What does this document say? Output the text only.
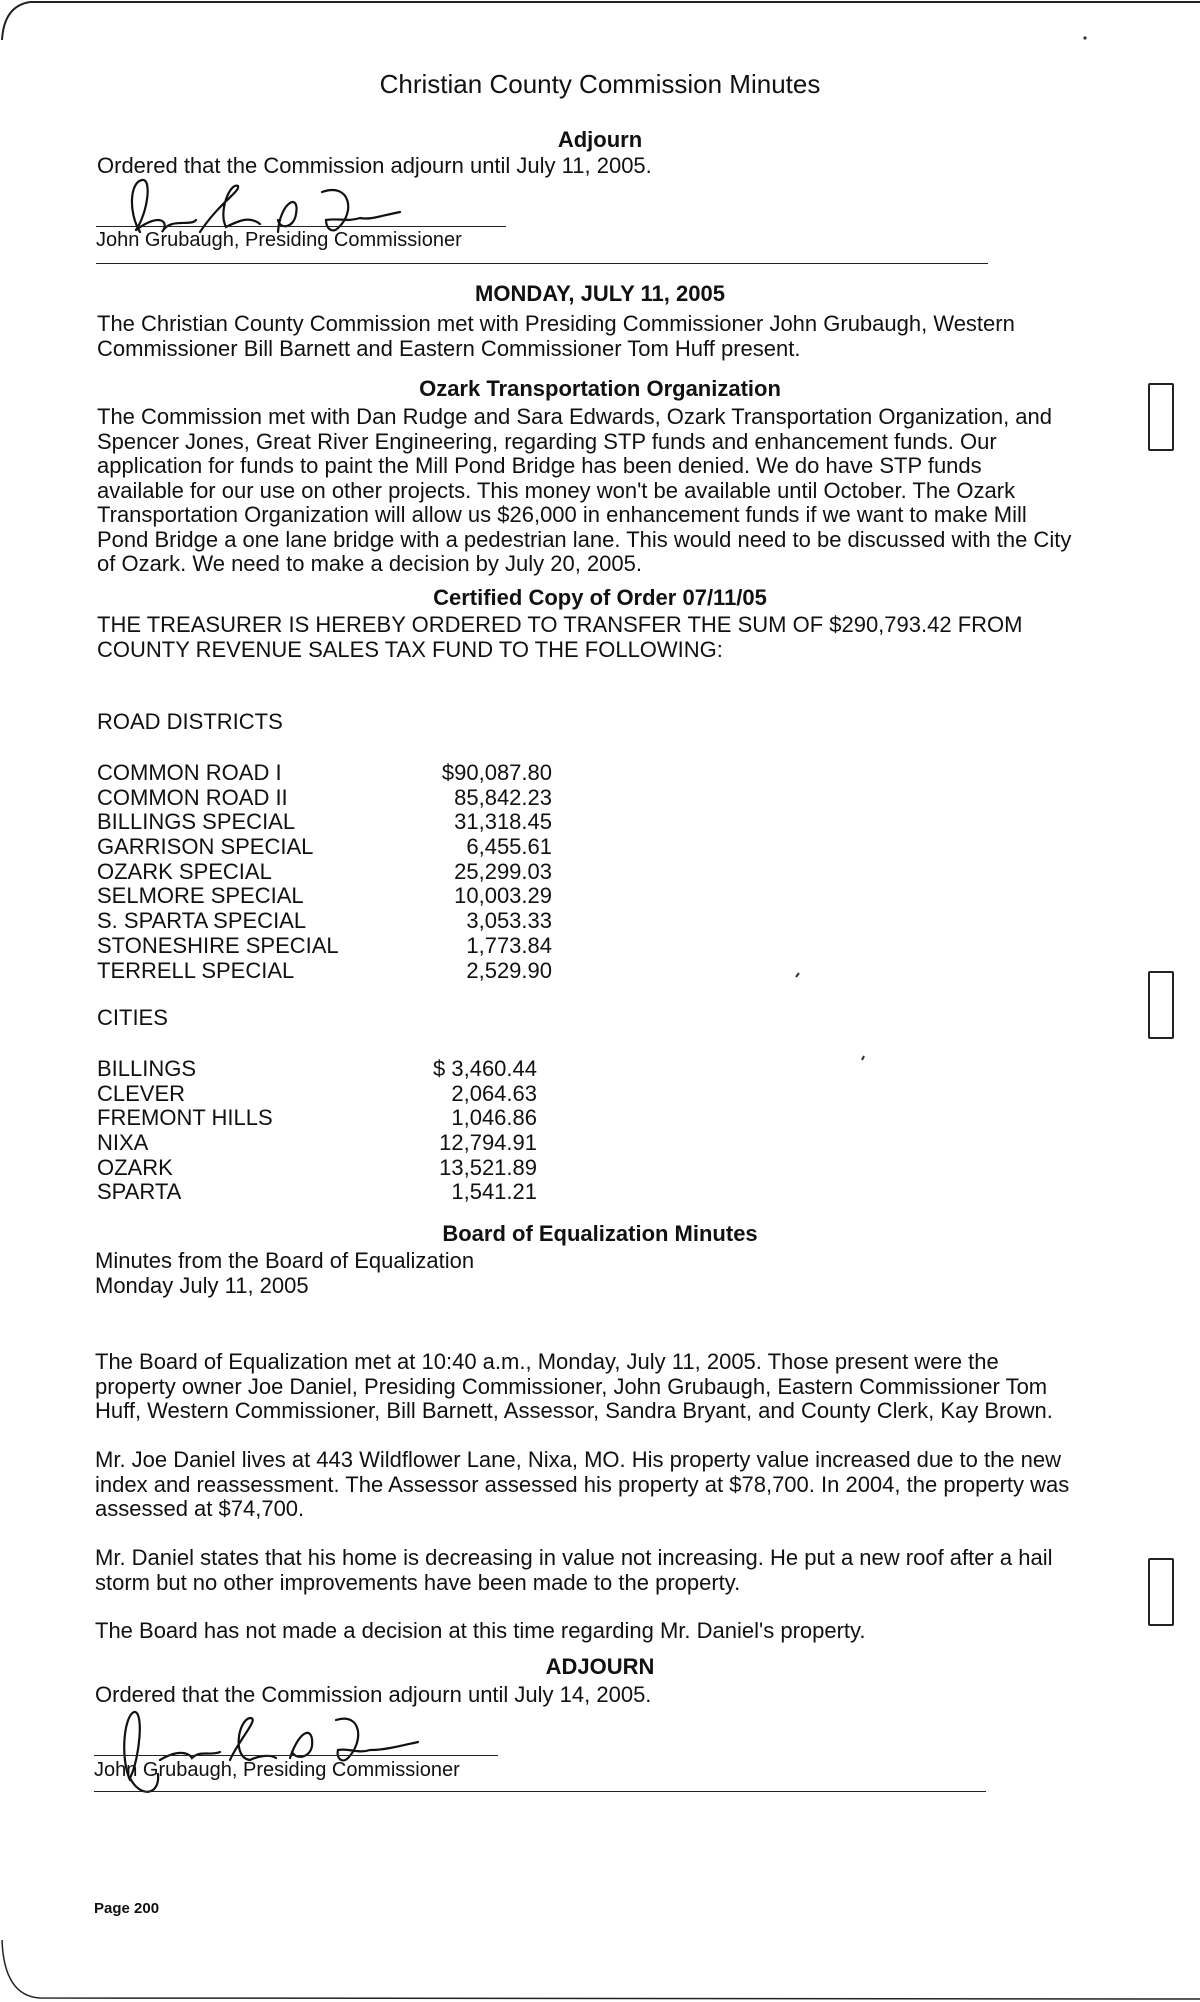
Christian County Commission Minutes
Adjourn
Ordered that the Commission adjourn until July 11, 2005.
John Grubaugh, Presiding Commissioner
MONDAY, JULY 11, 2005
The Christian County Commission met with Presiding Commissioner John Grubaugh, Western
Commissioner Bill Barnett and Eastern Commissioner Tom Huff present.
Ozark Transportation Organization
The Commission met with Dan Rudge and Sara Edwards, Ozark Transportation Organization, and
Spencer Jones, Great River Engineering, regarding STP funds and enhancement funds. Our
application for funds to paint the Mill Pond Bridge has been denied. We do have STP funds
available for our use on other projects. This money won't be available until October. The Ozark
Transportation Organization will allow us $26,000 in enhancement funds if we want to make Mill
Pond Bridge a one lane bridge with a pedestrian lane. This would need to be discussed with the City
of Ozark. We need to make a decision by July 20, 2005.
Certified Copy of Order 07/11/05
THE TREASURER IS HEREBY ORDERED TO TRANSFER THE SUM OF $290,793.42 FROM
COUNTY REVENUE SALES TAX FUND TO THE FOLLOWING:
ROAD DISTRICTS
COMMON ROAD I	$90,087.80
COMMON ROAD II	85,842.23
BILLINGS SPECIAL	31,318.45
GARRISON SPECIAL	6,455.61
OZARK SPECIAL	25,299.03
SELMORE SPECIAL	10,003.29
S. SPARTA SPECIAL	3,053.33
STONESHIRE SPECIAL	1,773.84
TERRELL SPECIAL	2,529.90
CITIES
BILLINGS	$ 3,460.44
CLEVER	2,064.63
FREMONT HILLS	1,046.86
NIXA	12,794.91
OZARK	13,521.89
SPARTA	1,541.21
Board of Equalization Minutes
Minutes from the Board of Equalization
Monday July 11, 2005
The Board of Equalization met at 10:40 a.m., Monday, July 11, 2005. Those present were the
property owner Joe Daniel, Presiding Commissioner, John Grubaugh, Eastern Commissioner Tom
Huff, Western Commissioner, Bill Barnett, Assessor, Sandra Bryant, and County Clerk, Kay Brown.
Mr. Joe Daniel lives at 443 Wildflower Lane, Nixa, MO. His property value increased due to the new
index and reassessment. The Assessor assessed his property at $78,700. In 2004, the property was
assessed at $74,700.
Mr. Daniel states that his home is decreasing in value not increasing. He put a new roof after a hail
storm but no other improvements have been made to the property.
The Board has not made a decision at this time regarding Mr. Daniel's property.
ADJOURN
Ordered that the Commission adjourn until July 14, 2005.
John Grubaugh, Presiding Commissioner
Page 200
